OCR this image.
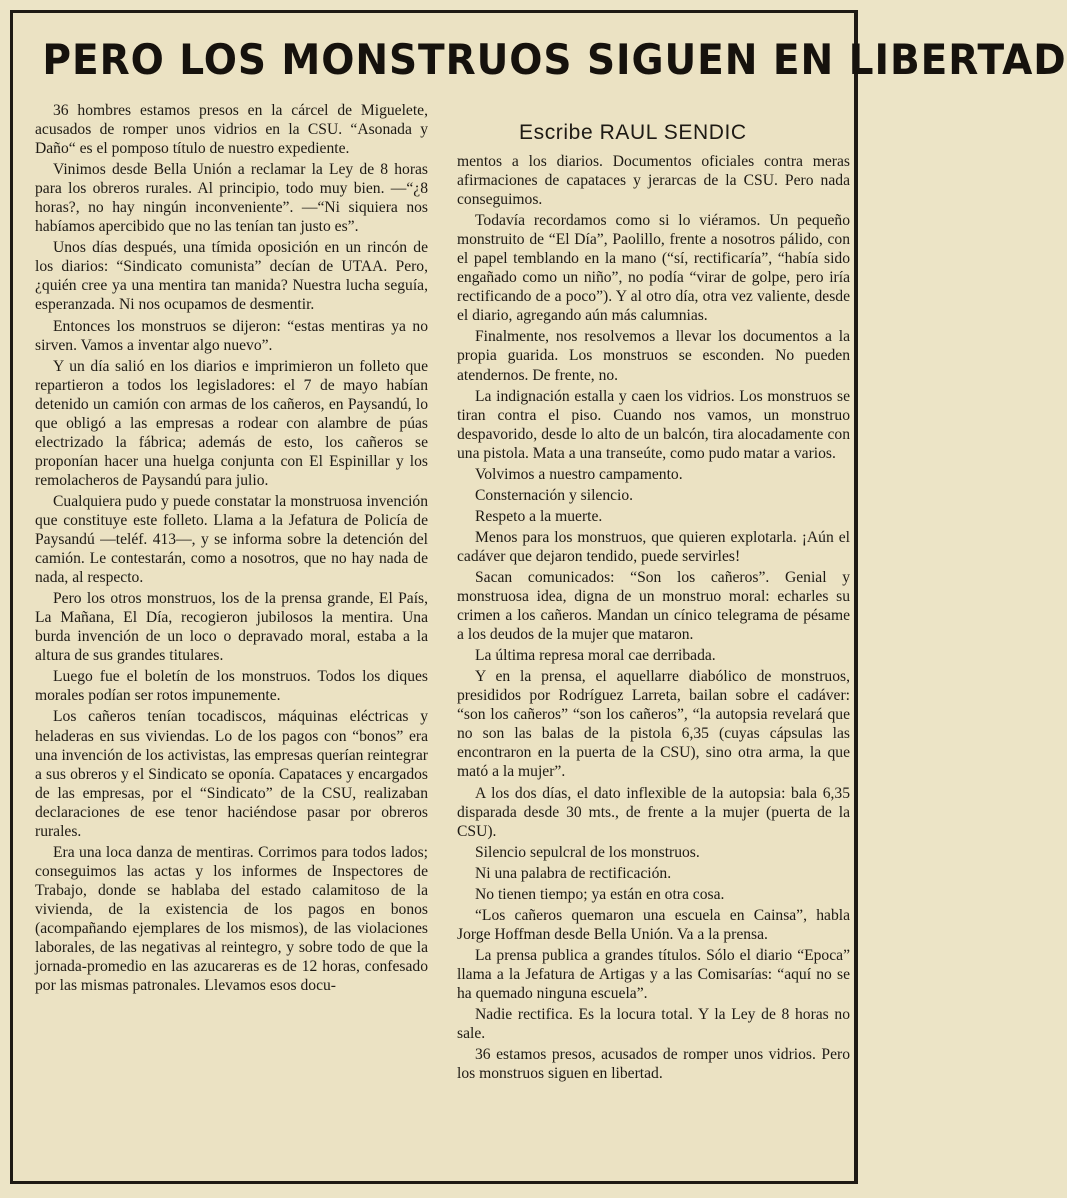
PERO LOS MONSTRUOS SIGUEN EN LIBERTAD
Escribe RAUL SENDIC

36 hombres estamos presos en la cárcel de Miguelete, acusados de romper unos vidrios en la CSU. “Asonada y Daño“ es el pomposo título de nuestro expediente.

Vinimos desde Bella Unión a reclamar la Ley de 8 horas para los obreros rurales. Al principio, todo muy bien. —“¿8 horas?, no hay ningún inconveniente”. —“Ni siquiera nos habíamos apercibido que no las tenían tan justo es”.

Unos días después, una tímida oposición en un rincón de los diarios: “Sindicato comunista” decían de UTAA. Pero, ¿quién cree ya una mentira tan manida? Nuestra lucha seguía, esperanzada. Ni nos ocupamos de desmentir.

Entonces los monstruos se dijeron: “estas mentiras ya no sirven. Vamos a inventar algo nuevo”.

Y un día salió en los diarios e imprimieron un folleto que repartieron a todos los legisladores: el 7 de mayo habían detenido un camión con armas de los cañeros, en Paysandú, lo que obligó a las empresas a rodear con alambre de púas electrizado la fábrica; además de esto, los cañeros se proponían hacer una huelga conjunta con El Espinillar y los remolacheros de Paysandú para julio.

Cualquiera pudo y puede constatar la monstruosa invención que constituye este folleto. Llama a la Jefatura de Policía de Paysandú —teléf. 413—, y se informa sobre la detención del camión. Le contestarán, como a nosotros, que no hay nada de nada, al respecto.

Pero los otros monstruos, los de la prensa grande, El País, La Mañana, El Día, recogieron jubilosos la mentira. Una burda invención de un loco o depravado moral, estaba a la altura de sus grandes titulares.

Luego fue el boletín de los monstruos. Todos los diques morales podían ser rotos impunemente.

Los cañeros tenían tocadiscos, máquinas eléctricas y heladeras en sus viviendas. Lo de los pagos con “bonos” era una invención de los activistas, las empresas querían reintegrar a sus obreros y el Sindicato se oponía. Capataces y encargados de las empresas, por el “Sindicato” de la CSU, realizaban declaraciones de ese tenor haciéndose pasar por obreros rurales.

Era una loca danza de mentiras. Corrimos para todos lados; conseguimos las actas y los informes de Inspectores de Trabajo, donde se hablaba del estado calamitoso de la vivienda, de la existencia de los pagos en bonos (acompañando ejemplares de los mismos), de las violaciones laborales, de las negativas al reintegro, y sobre todo de que la jornada-promedio en las azucareras es de 12 horas, confesado por las mismas patronales. Llevamos esos docu-

mentos a los diarios. Documentos oficiales contra meras afirmaciones de capataces y jerarcas de la CSU. Pero nada conseguimos.

Todavía recordamos como si lo viéramos. Un pequeño monstruito de “El Día”, Paolillo, frente a nosotros pálido, con el papel temblando en la mano (“sí, rectificaría”, “había sido engañado como un niño”, no podía “virar de golpe, pero iría rectificando de a poco”). Y al otro día, otra vez valiente, desde el diario, agregando aún más calumnias.

Finalmente, nos resolvemos a llevar los documentos a la propia guarida. Los monstruos se esconden. No pueden atendernos. De frente, no.

La indignación estalla y caen los vidrios. Los monstruos se tiran contra el piso. Cuando nos vamos, un monstruo despavorido, desde lo alto de un balcón, tira alocadamente con una pistola. Mata a una transeúte, como pudo matar a varios.

Volvimos a nuestro campamento.

Consternación y silencio.

Respeto a la muerte.

Menos para los monstruos, que quieren explotarla. ¡Aún el cadáver que dejaron tendido, puede servirles!

Sacan comunicados: “Son los cañeros”. Genial y monstruosa idea, digna de un monstruo moral: echarles su crimen a los cañeros. Mandan un cínico telegrama de pésame a los deudos de la mujer que mataron.

La última represa moral cae derribada.

Y en la prensa, el aquellarre diabólico de monstruos, presididos por Rodríguez Larreta, bailan sobre el cadáver: “son los cañeros” “son los cañeros”, “la autopsia revelará que no son las balas de la pistola 6,35 (cuyas cápsulas las encontraron en la puerta de la CSU), sino otra arma, la que mató a la mujer”.

A los dos días, el dato inflexible de la autopsia: bala 6,35 disparada desde 30 mts., de frente a la mujer (puerta de la CSU).

Silencio sepulcral de los monstruos.

Ni una palabra de rectificación.

No tienen tiempo; ya están en otra cosa.

“Los cañeros quemaron una escuela en Cainsa”, habla Jorge Hoffman desde Bella Unión. Va a la prensa.

La prensa publica a grandes títulos. Sólo el diario “Epoca” llama a la Jefatura de Artigas y a las Comisarías: “aquí no se ha quemado ninguna escuela”.

Nadie rectifica. Es la locura total. Y la Ley de 8 horas no sale.

36 estamos presos, acusados de romper unos vidrios. Pero los monstruos siguen en libertad.
